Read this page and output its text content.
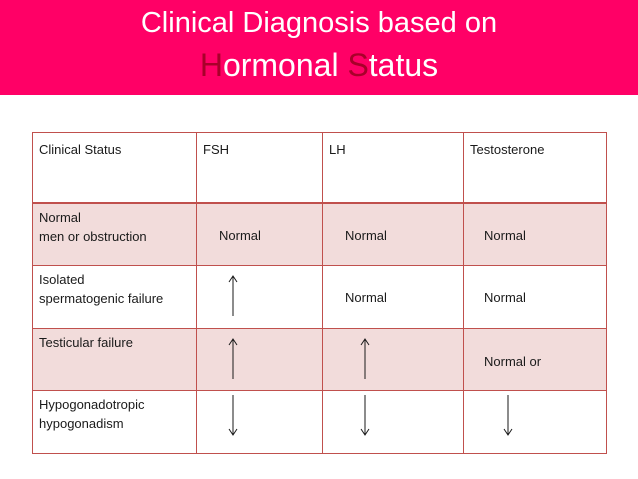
Clinical Diagnosis based on
Hormonal Status
Clinical Status	FSH	LH	Testosterone

Normal
men or obstruction	Normal	Normal	Normal

Isolated
spermatogenic failure		Normal	Normal

Testicular failure			Normal or

Hypogonadotropic
hypogonadism
